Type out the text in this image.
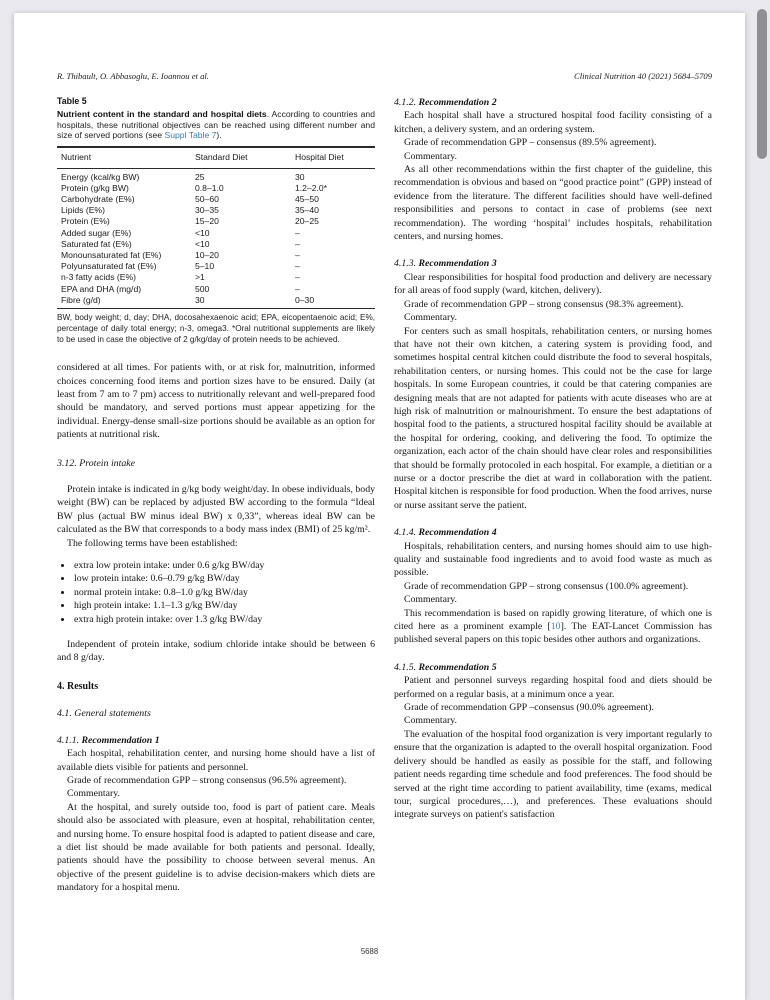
R. Thibault, O. Abbasoglu, E. Ioannou et al.	Clinical Nutrition 40 (2021) 5684–5709
Table 5
Nutrient content in the standard and hospital diets. According to countries and hospitals, these nutritional objectives can be reached using different number and size of served portions (see Suppl Table 7).
Nutrient	Standard Diet	Hospital Diet
Energy (kcal/kg BW)	25	30
Protein (g/kg BW)	0.8–1.0	1.2–2.0*
Carbohydrate (E%)	50–60	45–50
Lipids (E%)	30–35	35–40
Protein (E%)	15–20	20–25
Added sugar (E%)	<10	–
Saturated fat (E%)	<10	–
Monounsaturated fat (E%)	10–20	–
Polyunsaturated fat (E%)	5–10	–
n-3 fatty acids (E%)	>1	–
EPA and DHA (mg/d)	500	–
Fibre (g/d)	30	0–30
BW, body weight; d, day; DHA, docosahexaenoic acid; EPA, eicopentaenoic acid; E%, percentage of daily total energy; n-3, omega3. *Oral nutritional supplements are likely to be used in case the objective of 2 g/kg/day of protein needs to be achieved.

considered at all times. For patients with, or at risk for, malnutrition, informed choices concerning food items and portion sizes have to be ensured. Daily (at least from 7 am to 7 pm) access to nutritionally relevant and well-prepared food should be mandatory, and served portions must appear appetizing for the individual. Energy-dense small-size portions should be available as an option for patients at nutritional risk.

3.12. Protein intake

Protein intake is indicated in g/kg body weight/day. In obese individuals, body weight (BW) can be replaced by adjusted BW according to the formula “Ideal BW plus (actual BW minus ideal BW) x 0,33”, whereas ideal BW can be calculated as the BW that corresponds to a body mass index (BMI) of 25 kg/m².

The following terms have been established:

• extra low protein intake: under 0.6 g/kg BW/day
• low protein intake: 0.6–0.79 g/kg BW/day
• normal protein intake: 0.8–1.0 g/kg BW/day
• high protein intake: 1.1–1.3 g/kg BW/day
• extra high protein intake: over 1.3 g/kg BW/day

Independent of protein intake, sodium chloride intake should be between 6 and 8 g/day.

4. Results
4.1. General statements
4.1.1. Recommendation 1

Each hospital, rehabilitation center, and nursing home should have a list of available diets visible for patients and personnel.

Grade of recommendation GPP – strong consensus (96.5% agreement).

Commentary.

At the hospital, and surely outside too, food is part of patient care. Meals should also be associated with pleasure, even at hospital, rehabilitation center, and nursing home. To ensure hospital food is adapted to patient disease and care, a diet list should be made available for both patients and personal. Ideally, patients should have the possibility to choose between several menus. An objective of the present guideline is to advise decision-makers which diets are mandatory for a hospital menu.

4.1.2. Recommendation 2

Each hospital shall have a structured hospital food facility consisting of a kitchen, a delivery system, and an ordering system.

Grade of recommendation GPP – consensus (89.5% agreement).

Commentary.

As all other recommendations within the first chapter of the guideline, this recommendation is obvious and based on “good practice point” (GPP) instead of evidence from the literature. The different facilities should have well-defined responsibilities and persons to contact in case of problems (see next recommendation). The wording ‘hospital’ includes hospitals, rehabilitation centers, and nursing homes.

4.1.3. Recommendation 3

Clear responsibilities for hospital food production and delivery are necessary for all areas of food supply (ward, kitchen, delivery).

Grade of recommendation GPP – strong consensus (98.3% agreement).

Commentary.

For centers such as small hospitals, rehabilitation centers, or nursing homes that have not their own kitchen, a catering system is providing food, and sometimes hospital central kitchen could distribute the food to several hospitals, rehabilitation centers, or nursing homes. This could not be the case for large hospitals. In some European countries, it could be that catering companies are designing meals that are not adapted for patients with acute diseases who are at high risk of malnutrition or malnourishment. To ensure the best adaptations of hospital food to the patients, a structured hospital facility should be available at the hospital for ordering, cooking, and delivering the food. To optimize the organization, each actor of the chain should have clear roles and responsibilities that should be formally protocoled in each hospital. For example, a dietitian or a nurse or a doctor prescribe the diet at ward in collaboration with the patient. Hospital kitchen is responsible for food production. When the food arrives, nurse or nurse assitant serve the patient.

4.1.4. Recommendation 4

Hospitals, rehabilitation centers, and nursing homes should aim to use high-quality and sustainable food ingredients and to avoid food waste as much as possible.

Grade of recommendation GPP – strong consensus (100.0% agreement).

Commentary.

This recommendation is based on rapidly growing literature, of which one is cited here as a prominent example [10]. The EAT-Lancet Commission has published several papers on this topic besides other authors and organizations.

4.1.5. Recommendation 5

Patient and personnel surveys regarding hospital food and diets should be performed on a regular basis, at a minimum once a year.

Grade of recommendation GPP –consensus (90.0% agreement).

Commentary.

The evaluation of the hospital food organization is very important regularly to ensure that the organization is adapted to the overall hospital organization. Food delivery should be handled as easily as possible for the staff, and following patient needs regarding time schedule and food preferences. The food should be served at the right time according to patient availability, time (exams, medical tour, surgical procedures,…), and preferences. These evaluations should integrate surveys on patient's satisfaction

5688
